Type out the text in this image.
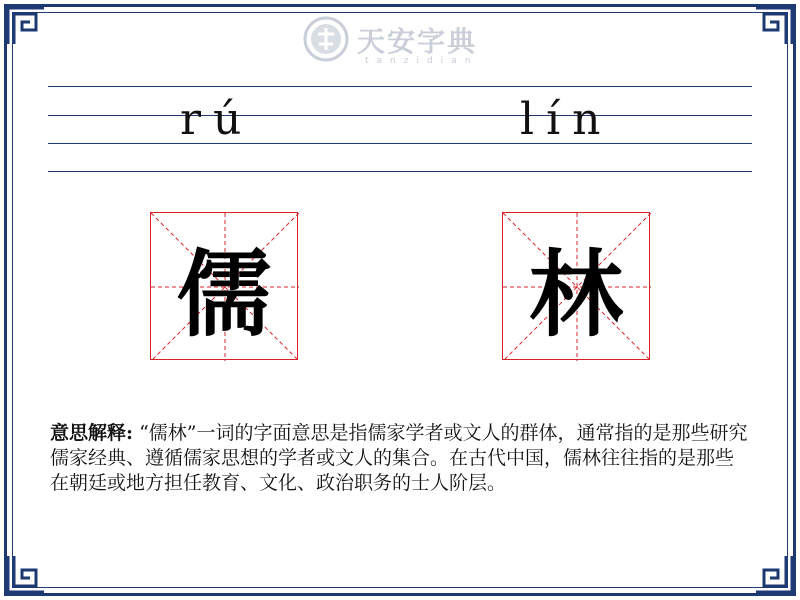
天安字典
tanzidian
rú	lín
儒	林
意思解释: “儒林”一词的字面意思是指儒家学者或文人的群体，通常指的是那些研究儒家经典、遵循儒家思想的学者或文人的集合。在古代中国，儒林往往指的是那些在朝廷或地方担任教育、文化、政治职务的士人阶层。
